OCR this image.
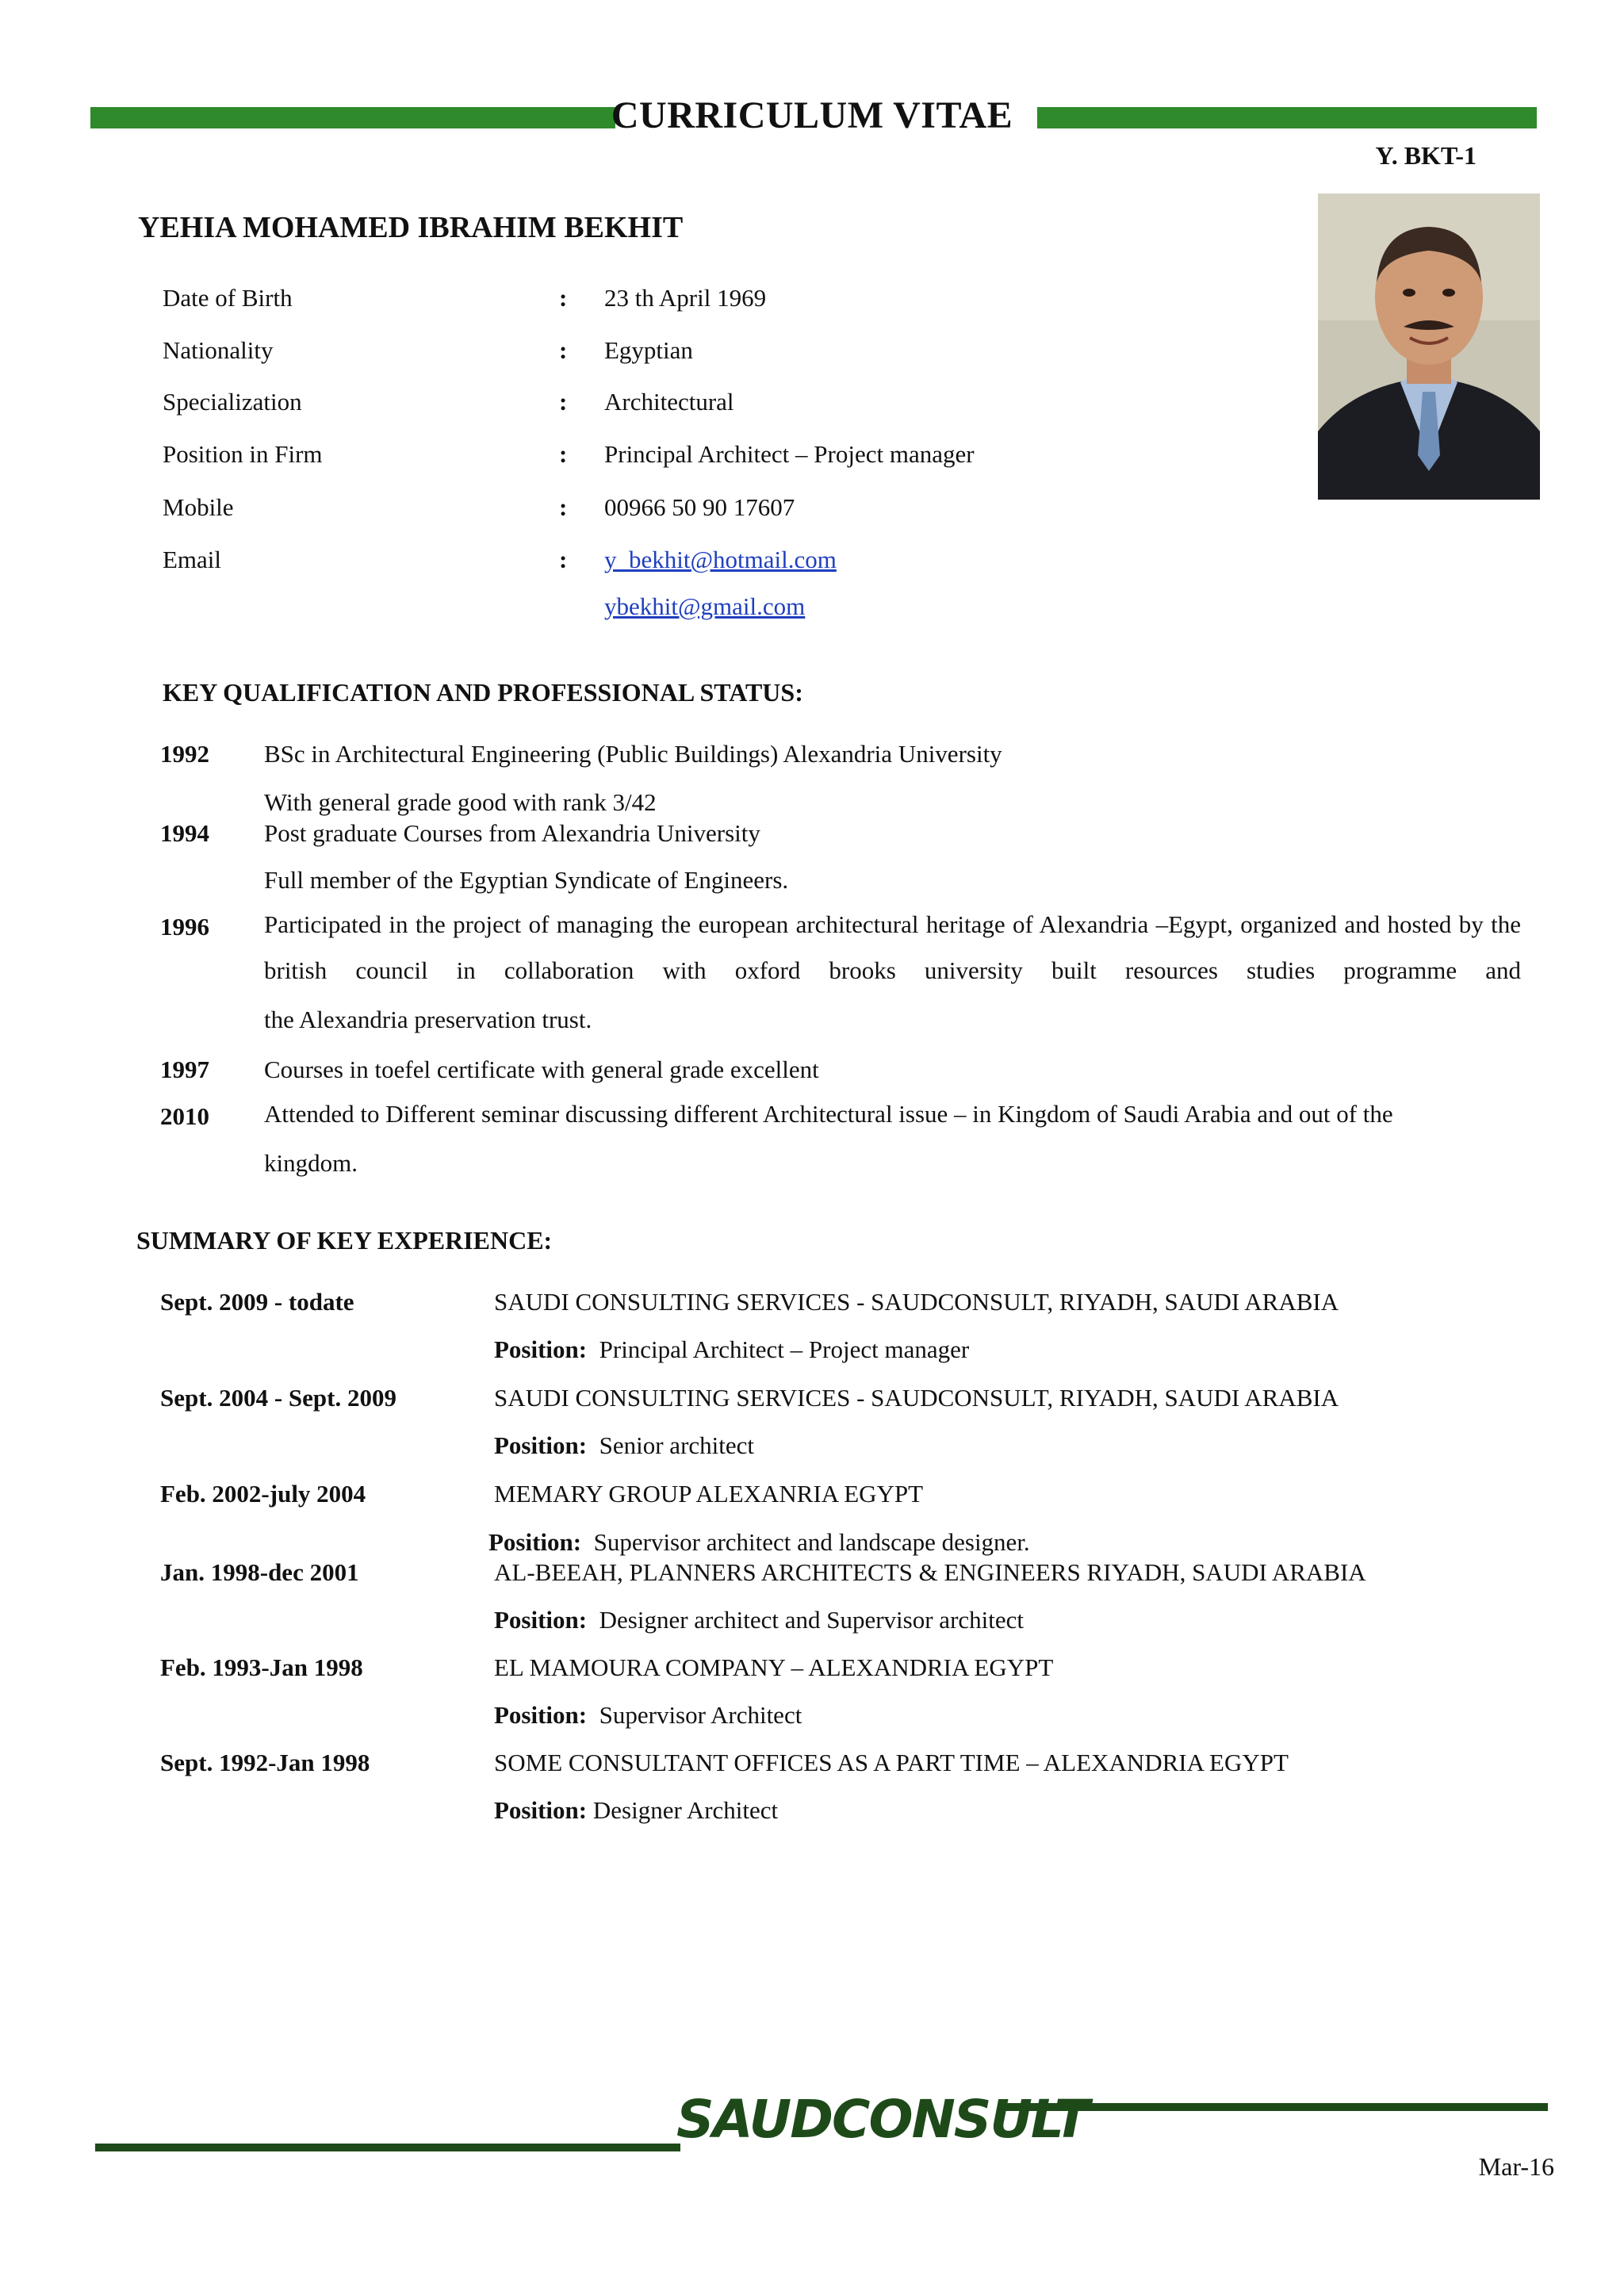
CURRICULUM VITAE
Y. BKT-1
YEHIA MOHAMED IBRAHIM BEKHIT
Date of Birth	: 23 th April 1969
Nationality	: Egyptian
Specialization	: Architectural
Position in Firm	: Principal Architect – Project manager
Mobile	: 00966 50 90 17607
Email	: y_bekhit@hotmail.com
ybekhit@gmail.com
KEY QUALIFICATION AND PROFESSIONAL STATUS:
1992 BSc in Architectural Engineering (Public Buildings) Alexandria University
With general grade good with rank 3/42
1994 Post graduate Courses from Alexandria University
Full member of the Egyptian Syndicate of Engineers.
1996 Participated in the project of managing the european architectural heritage of Alexandria –Egypt, organized and hosted by the british council in collaboration with oxford brooks university built resources studies programme and
the Alexandria preservation trust.
1997 Courses in toefel certificate with general grade excellent
2010 Attended to Different seminar discussing different Architectural issue – in Kingdom of Saudi Arabia and out of the
kingdom.
SUMMARY OF KEY EXPERIENCE:
Sept. 2009 - todate	SAUDI CONSULTING SERVICES - SAUDCONSULT, RIYADH, SAUDI ARABIA
Position: Principal Architect – Project manager
Sept. 2004 - Sept. 2009	SAUDI CONSULTING SERVICES - SAUDCONSULT, RIYADH, SAUDI ARABIA
Position: Senior architect
Feb. 2002-july 2004	MEMARY GROUP ALEXANRIA EGYPT
Position: Supervisor architect and landscape designer.
Jan. 1998-dec 2001	AL-BEEAH, PLANNERS ARCHITECTS & ENGINEERS RIYADH, SAUDI ARABIA
Position: Designer architect and Supervisor architect
Feb. 1993-Jan 1998	EL MAMOURA COMPANY – ALEXANDRIA EGYPT
Position: Supervisor Architect
Sept. 1992-Jan 1998	SOME CONSULTANT OFFICES AS A PART TIME – ALEXANDRIA EGYPT
Position: Designer Architect
SAUDCONSULT
Mar-16
